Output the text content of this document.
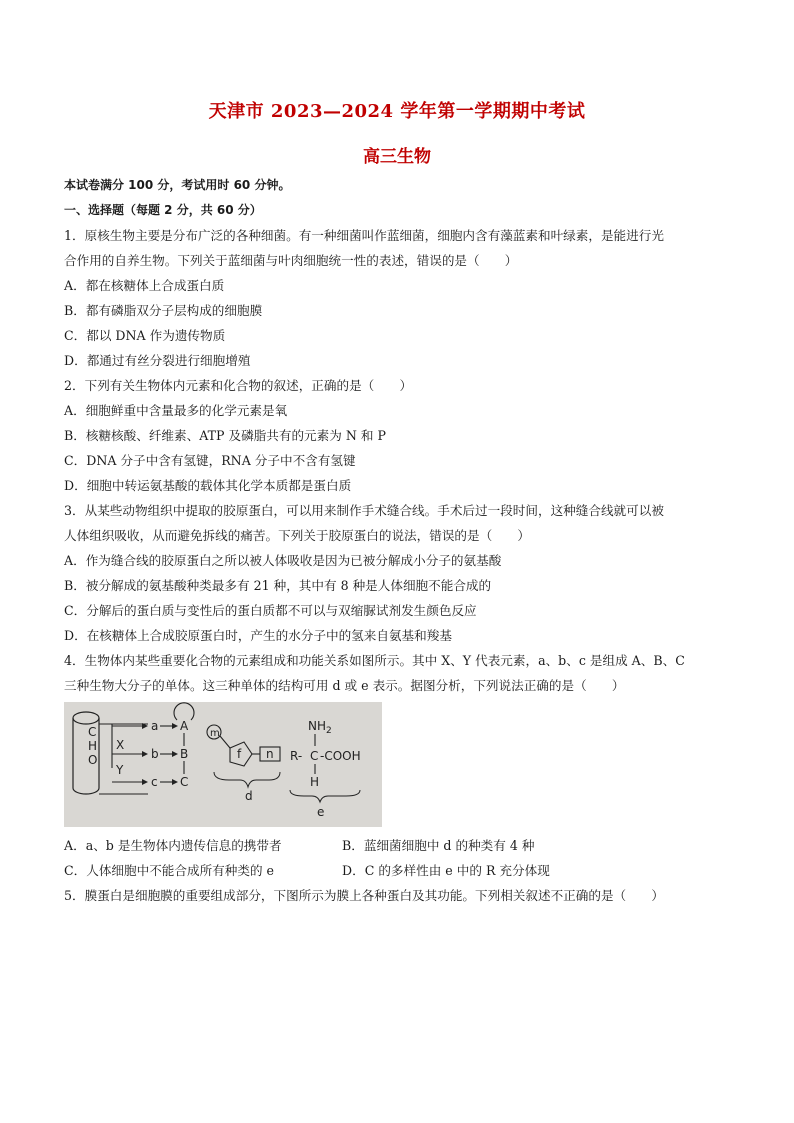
天津市 2023—2024 学年第一学期期中考试
高三生物
本试卷满分 100 分，考试用时 60 分钟。
一、选择题（每题 2 分，共 60 分）
1．原核生物主要是分布广泛的各种细菌。有一种细菌叫作蓝细菌，细胞内含有藻蓝素和叶绿素，是能进行光
合作用的自养生物。下列关于蓝细菌与叶肉细胞统一性的表述，错误的是（　　）
A．都在核糖体上合成蛋白质
B．都有磷脂双分子层构成的细胞膜
C．都以 DNA 作为遗传物质
D．都通过有丝分裂进行细胞增殖
2．下列有关生物体内元素和化合物的叙述，正确的是（　　）
A．细胞鲜重中含量最多的化学元素是氧
B．核糖核酸、纤维素、ATP 及磷脂共有的元素为 N 和 P
C．DNA 分子中含有氢键，RNA 分子中不含有氢键
D．细胞中转运氨基酸的载体其化学本质都是蛋白质
3．从某些动物组织中提取的胶原蛋白，可以用来制作手术缝合线。手术后过一段时间，这种缝合线就可以被
人体组织吸收，从而避免拆线的痛苦。下列关于胶原蛋白的说法，错误的是（　　）
A．作为缝合线的胶原蛋白之所以被人体吸收是因为已被分解成小分子的氨基酸
B．被分解成的氨基酸种类最多有 21 种，其中有 8 种是人体细胞不能合成的
C．分解后的蛋白质与变性后的蛋白质都不可以与双缩脲试剂发生颜色反应
D．在核糖体上合成胶原蛋白时，产生的水分子中的氢来自氨基和羧基
4．生物体内某些重要化合物的元素组成和功能关系如图所示。其中 X、Y 代表元素，a、b、c 是组成 A、B、C
三种生物大分子的单体。这三种单体的结构可用 d 或 e 表示。据图分析，下列说法正确的是（　　）
C
H
O
X
Y
a
b
c
A
B
C
m
f n
d
$NH_2$
R- C -COOH
H
e
A．a、b 是生物体内遗传信息的携带者	B．蓝细菌细胞中 d 的种类有 4 种
C．人体细胞中不能合成所有种类的 e	D．C 的多样性由 e 中的 R 充分体现
5．膜蛋白是细胞膜的重要组成部分，下图所示为膜上各种蛋白及其功能。下列相关叙述不正确的是（　　）
